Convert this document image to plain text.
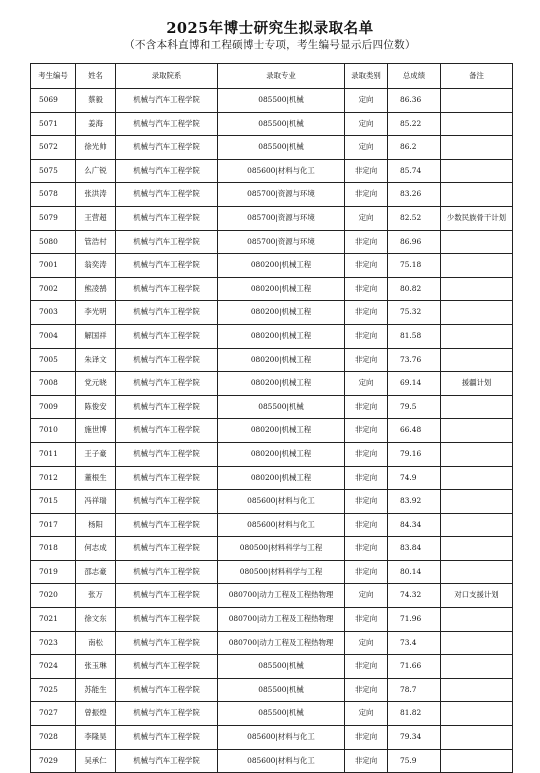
2025年博士研究生拟录取名单
（不含本科直博和工程硕博士专项，考生编号显示后四位数）
考生编号	姓名	录取院系	录取专业	录取类别	总成绩	备注
5069	蔡毅	机械与汽车工程学院	085500|机械	定向	86.36	
5071	姜海	机械与汽车工程学院	085500|机械	定向	85.22	
5072	徐光帅	机械与汽车工程学院	085500|机械	定向	86.2	
5075	么广锐	机械与汽车工程学院	085600|材料与化工	非定向	85.74	
5078	张洪涛	机械与汽车工程学院	085700|资源与环境	非定向	83.26	
5079	王营超	机械与汽车工程学院	085700|资源与环境	定向	82.52	少数民族骨干计划
5080	管浩村	机械与汽车工程学院	085700|资源与环境	非定向	86.96	
7001	翁奕涛	机械与汽车工程学院	080200|机械工程	非定向	75.18	
7002	熊凌鹄	机械与汽车工程学院	080200|机械工程	非定向	80.82	
7003	李光明	机械与汽车工程学院	080200|机械工程	非定向	75.32	
7004	解国祥	机械与汽车工程学院	080200|机械工程	非定向	81.58	
7005	朱译文	机械与汽车工程学院	080200|机械工程	非定向	73.76	
7008	党元晓	机械与汽车工程学院	080200|机械工程	定向	69.14	援疆计划
7009	陈俊安	机械与汽车工程学院	085500|机械	非定向	79.5	
7010	施世博	机械与汽车工程学院	080200|机械工程	非定向	66.48	
7011	王子豪	机械与汽车工程学院	080200|机械工程	非定向	79.16	
7012	董根生	机械与汽车工程学院	080200|机械工程	非定向	74.9	
7015	冯祥瑞	机械与汽车工程学院	085600|材料与化工	非定向	83.92	
7017	杨阳	机械与汽车工程学院	085600|材料与化工	非定向	84.34	
7018	何志成	机械与汽车工程学院	080500|材料科学与工程	非定向	83.84	
7019	邵志豪	机械与汽车工程学院	080500|材料科学与工程	非定向	80.14	
7020	张万	机械与汽车工程学院	080700|动力工程及工程热物理	定向	74.32	对口支援计划
7021	徐文东	机械与汽车工程学院	080700|动力工程及工程热物理	非定向	71.96	
7023	南松	机械与汽车工程学院	080700|动力工程及工程热物理	定向	73.4	
7024	张玉琳	机械与汽车工程学院	085500|机械	非定向	71.66	
7025	苏能生	机械与汽车工程学院	085500|机械	非定向	78.7	
7027	曾振煌	机械与汽车工程学院	085500|机械	定向	81.82	
7028	李隆昊	机械与汽车工程学院	085600|材料与化工	非定向	79.34	
7029	吴承仁	机械与汽车工程学院	085600|材料与化工	非定向	75.9	
